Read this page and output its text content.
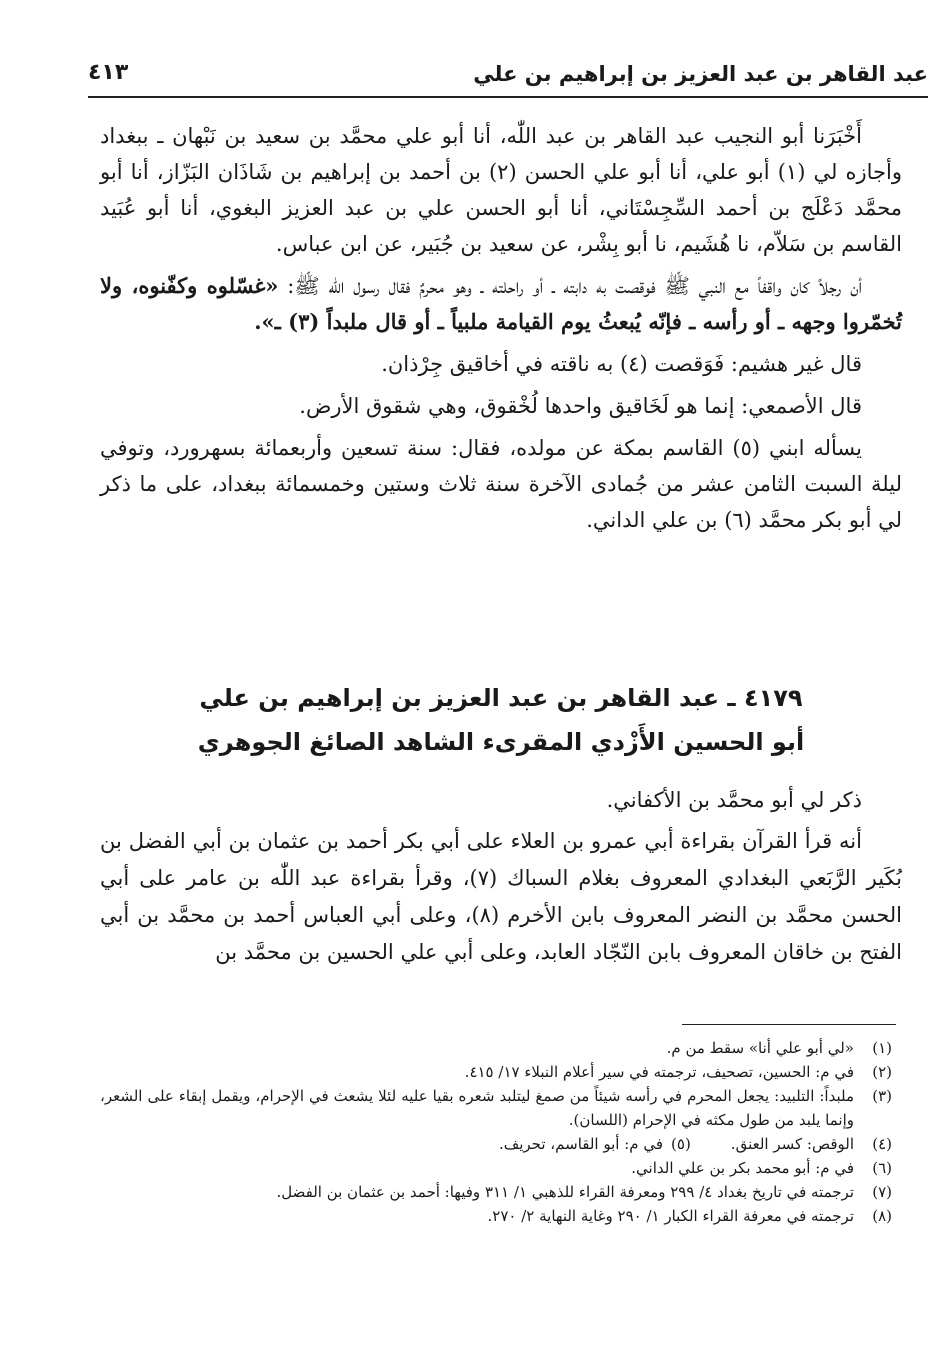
عبد القاهر بن عبد العزيز بن إبراهيم بن علي
٤١٣

أَخْبَرَنا أبو النجيب عبد القاهر بن عبد اللّٰه، أنا أبو علي محمَّد بن سعيد بن نَبْهان ـ ببغداد وأجازه لي (١) أبو علي، أنا أبو علي الحسن (٢) بن أحمد بن إبراهيم بن شَاذَان البَزّاز، أنا أبو محمَّد دَعْلَج بن أحمد السِّجِسْتَاني، أنا أبو الحسن علي بن عبد العزيز البغوي، أنا أبو عُبَيد القاسم بن سَلاّم، نا هُشَيم، نا أبو بِشْر، عن سعيد بن جُبَير، عن ابن عباس.

أن رجلاً كان واقفاً مع النبي ﷺ فوقصت به دابته ـ أو راحلته ـ وهو محرمٌ فقال رسول اللّٰه ﷺ: «غسّلوه وكفّنوه، ولا تُخمّروا وجهه ـ أو رأسه ـ فإنّه يُبعثُ يوم القيامة ملبياً ـ أو قال ملبداً (٣) ـ».

قال غير هشيم: فَوَقصت (٤) به ناقته في أخاقيق جِرْذان.

قال الأصمعي: إنما هو لَخَاقيق واحدها لُخْقوق، وهي شقوق الأرض.

يسأله ابني (٥) القاسم بمكة عن مولده، فقال: سنة تسعين وأربعمائة بسهرورد، وتوفي ليلة السبت الثامن عشر من جُمادى الآخرة سنة ثلاث وستين وخمسمائة ببغداد، على ما ذكر لي أبو بكر محمَّد (٦) بن علي الداني.

٤١٧٩ ـ عبد القاهر بن عبد العزيز بن إبراهيم بن علي
أبو الحسين الأَزْدي المقرىء الشاهد الصائغ الجوهري

ذكر لي أبو محمَّد بن الأكفاني.

أنه قرأ القرآن بقراءة أبي عمرو بن العلاء على أبي بكر أحمد بن عثمان بن أبي الفضل بن بُكَير الرَّبَعي البغدادي المعروف بغلام السباك (٧)، وقرأ بقراءة عبد اللّٰه بن عامر على أبي الحسن محمَّد بن النضر المعروف بابن الأخرم (٨)، وعلى أبي العباس أحمد بن محمَّد بن أبي الفتح بن خاقان المعروف بابن النّجّاد العابد، وعلى أبي علي الحسين بن محمَّد بن

(١)
«لي أبو علي أنا» سقط من م.
(٢)
في م: الحسين، تصحيف، ترجمته في سير أعلام النبلاء ١٧/ ٤١٥.
(٣)
ملبداً: التلبيد: يجعل المحرم في رأسه شيئاً من صمغ ليتلبد شعره بقيا عليه لئلا يشعث في الإحرام، ويقمل إبقاء على الشعر، وإنما يلبد من طول مكثه في الإحرام (اللسان).
(٤)
الوقص: كسر العنق.(٥)في م: أبو القاسم، تحريف.
(٦)
في م: أبو محمد بكر بن علي الداني.
(٧)
ترجمته في تاريخ بغداد ٤/ ٢٩٩ ومعرفة القراء للذهبي ١/ ٣١١ وفيها: أحمد بن عثمان بن الفضل.
(٨)
ترجمته في معرفة القراء الكبار ١/ ٢٩٠ وغاية النهاية ٢/ ٢٧٠.
